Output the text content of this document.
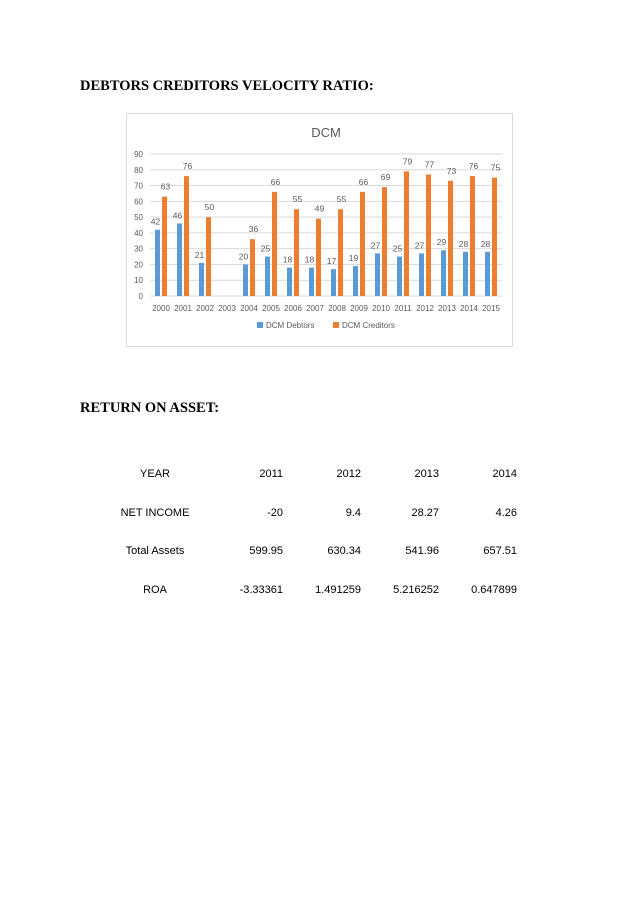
DEBTORS CREDITORS VELOCITY RATIO:
DCM
0
10
20
30
40
50
60
70
80
90
42
46
21	20
25
18 18 17 19
27 25 27 29 28 28
63
76
50
36
66
55
49
55
66 69
79 77
73 76 75
2000 2001 2002 2003 2004 2005 2006 2007 2008 2009 2010 2011 2012 2013 2014 2015
DCM Debtors	DCM Creditors
RETURN ON ASSET:
YEAR	2011	2012	2013	2014
NET INCOME	-20	9.4	28.27	4.26
Total Assets	599.95	630.34	541.96	657.51
ROA	-3.33361	1.491259	5.216252	0.647899
